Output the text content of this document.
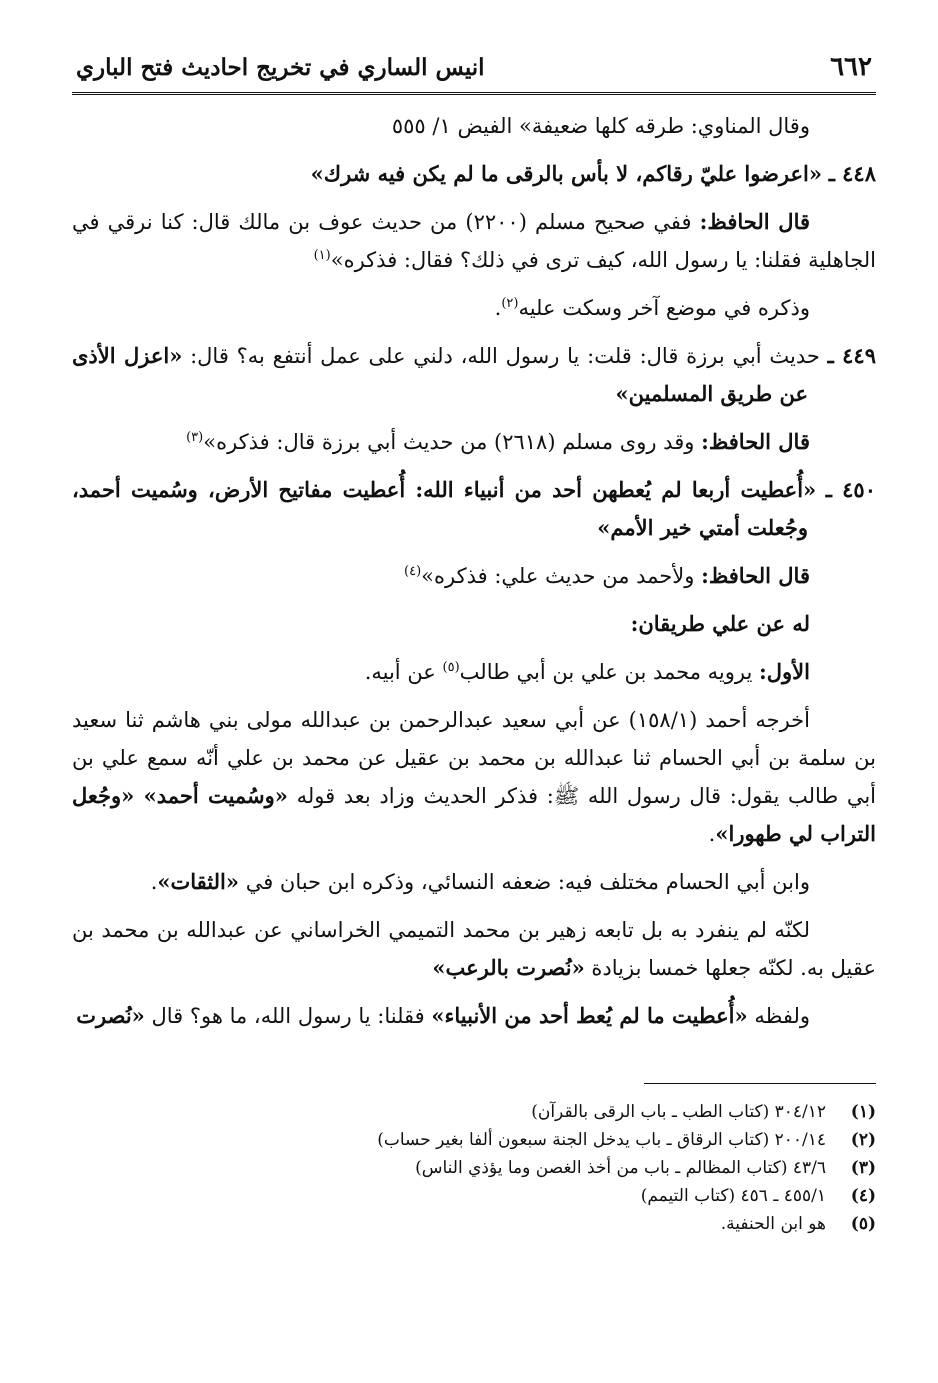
٦٦٢
انيس الساري في تخريج احاديث فتح الباري

وقال المناوي: طرقه كلها ضعيفة» الفيض ١/ ٥٥٥

٤٤٨ ـ «اعرضوا عليّ رقاكم، لا بأس بالرقى ما لم يكن فيه شرك»

قال الحافظ: ففي صحيح مسلم (٢٢٠٠) من حديث عوف بن مالك قال: كنا نرقي في الجاهلية فقلنا: يا رسول الله، كيف ترى في ذلك؟ فقال: فذكره»$^{(١)}$

وذكره في موضع آخر وسكت عليه$^{(٢)}$.

٤٤٩ ـ حديث أبي برزة قال: قلت: يا رسول الله، دلني على عمل أنتفع به؟ قال: «اعزل الأذى عن طريق المسلمين»

قال الحافظ: وقد روى مسلم (٢٦١٨) من حديث أبي برزة قال: فذكره»$^{(٣)}$

٤٥٠ ـ «أُعطيت أربعا لم يُعطهن أحد من أنبياء الله: أُعطيت مفاتيح الأرض، وسُميت أحمد، وجُعلت أمتي خير الأمم»

قال الحافظ: ولأحمد من حديث علي: فذكره»$^{(٤)}$

له عن علي طريقان:

الأول: يرويه محمد بن علي بن أبي طالب$^{(٥)}$ عن أبيه.

أخرجه أحمد (١٥٨/١) عن أبي سعيد عبدالرحمن بن عبدالله مولى بني هاشم ثنا سعيد بن سلمة بن أبي الحسام ثنا عبدالله بن محمد بن عقيل عن محمد بن علي أنّه سمع علي بن أبي طالب يقول: قال رسول الله ﷺ: فذكر الحديث وزاد بعد قوله «وسُميت أحمد» «وجُعل التراب لي طهورا».

وابن أبي الحسام مختلف فيه: ضعفه النسائي، وذكره ابن حبان في «الثقات».

لكنّه لم ينفرد به بل تابعه زهير بن محمد التميمي الخراساني عن عبدالله بن محمد بن عقيل به. لكنّه جعلها خمسا بزيادة «نُصرت بالرعب»

ولفظه «أُعطيت ما لم يُعط أحد من الأنبياء» فقلنا: يا رسول الله، ما هو؟ قال «نُصرت

(١)
٣٠٤/١٢ (كتاب الطب ـ باب الرقى بالقرآن)
(٢)
٢٠٠/١٤ (كتاب الرقاق ـ باب يدخل الجنة سبعون ألفا بغير حساب)
(٣)
٤٣/٦ (كتاب المظالم ـ باب من أخذ الغصن وما يؤذي الناس)
(٤)
٤٥٥/١ ـ ٤٥٦ (كتاب التيمم)
(٥)
هو ابن الحنفية.
